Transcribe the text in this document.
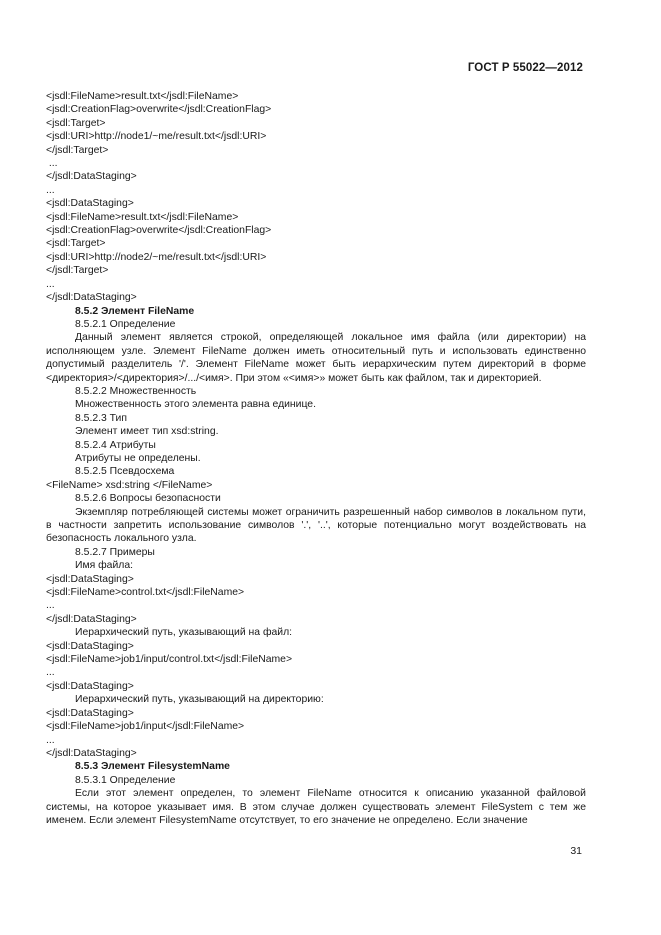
ГОСТ Р 55022—2012
<jsdl:FileName>result.txt</jsdl:FileName>
<jsdl:CreationFlag>overwrite</jsdl:CreationFlag>
<jsdl:Target>
<jsdl:URI>http://node1/~me/result.txt</jsdl:URI>
</jsdl:Target>
...
</jsdl:DataStaging>
...
<jsdl:DataStaging>
<jsdl:FileName>result.txt</jsdl:FileName>
<jsdl:CreationFlag>overwrite</jsdl:CreationFlag>
<jsdl:Target>
<jsdl:URI>http://node2/~me/result.txt</jsdl:URI>
</jsdl:Target>
...
</jsdl:DataStaging>
8.5.2 Элемент FileName
8.5.2.1 Определение
Данный элемент является строкой, определяющей локальное имя файла (или директории) на исполняющем узле. Элемент FileName должен иметь относительный путь и использовать единственно допустимый разделитель '/'. Элемент FileName может быть иерархическим путем директорий в форме <директория>/<директория>/.../<имя>. При этом «<имя>» может быть как файлом, так и директорией.
8.5.2.2 Множественность
Множественность этого элемента равна единице.
8.5.2.3 Тип
Элемент имеет тип xsd:string.
8.5.2.4 Атрибуты
Атрибуты не определены.
8.5.2.5 Псевдосхема
<FileName> xsd:string </FileName>
8.5.2.6 Вопросы безопасности
Экземпляр потребляющей системы может ограничить разрешенный набор символов в локальном пути, в частности запретить использование символов '.', '..', которые потенциально могут воздействовать на безопасность локального узла.
8.5.2.7 Примеры
Имя файла:
<jsdl:DataStaging>
<jsdl:FileName>control.txt</jsdl:FileName>
...
</jsdl:DataStaging>
Иерархический путь, указывающий на файл:
<jsdl:DataStaging>
<jsdl:FileName>job1/input/control.txt</jsdl:FileName>
...
<jsdl:DataStaging>
Иерархический путь, указывающий на директорию:
<jsdl:DataStaging>
<jsdl:FileName>job1/input</jsdl:FileName>
...
</jsdl:DataStaging>
8.5.3 Элемент FilesystemName
8.5.3.1 Определение
Если этот элемент определен, то элемент FileName относится к описанию указанной файловой системы, на которое указывает имя. В этом случае должен существовать элемент FileSystem с тем же именем. Если элемент FilesystemName отсутствует, то его значение не определено. Если значение
31
